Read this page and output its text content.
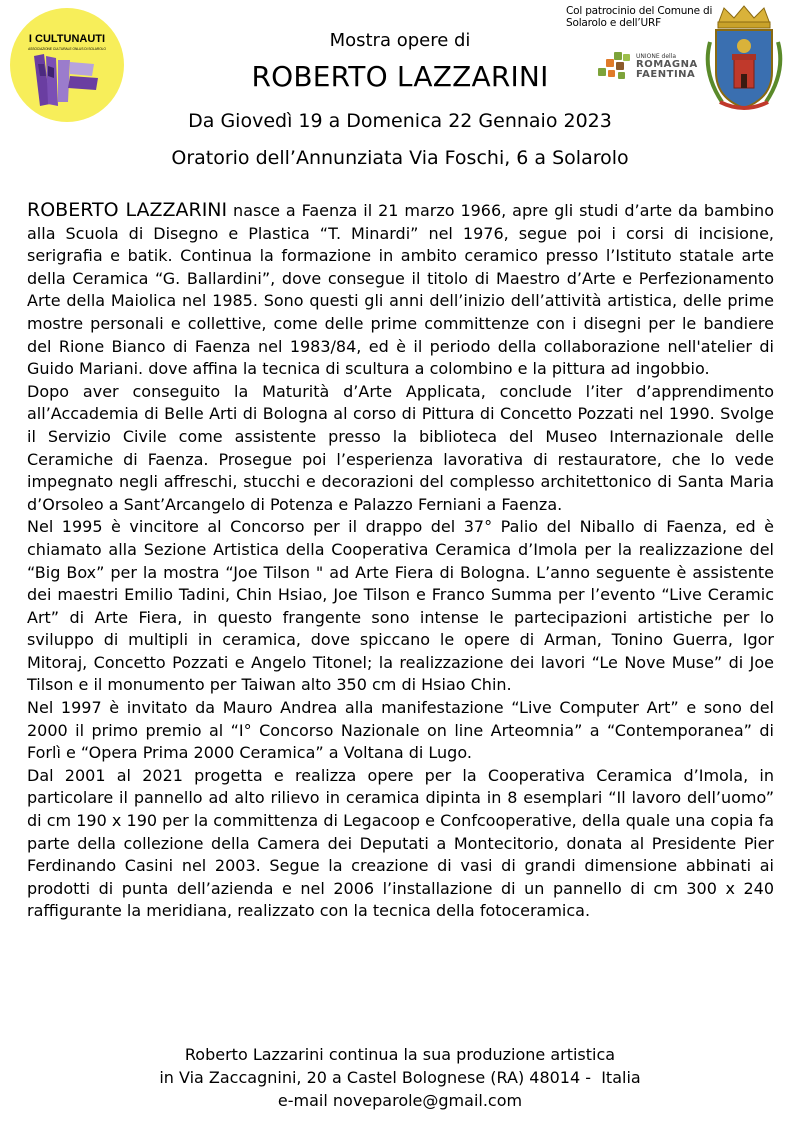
I CULTUNAUTI
ASSOCIAZIONE CULTURALE ONLUS DI SOLAROLO	Mostra opere di
ROBERTO LAZZARINI
Da Giovedì 19 a Domenica 22 Gennaio 2023
Oratorio dell’Annunziata Via Foschi, 6 a Solarolo
Col patrocinio del Comune di
Solarolo e dell’URF
UNIONE della
ROMAGNA
FAENTINA

ROBERTO LAZZARINI nasce a Faenza il 21 marzo 1966, apre gli studi d’arte da bambino alla Scuola di Disegno e Plastica “T. Minardi” nel 1976, segue poi i corsi di incisione, serigrafia e batik. Continua la formazione in ambito ceramico presso l’Istituto statale arte della Ceramica “G. Ballardini”, dove consegue il titolo di Maestro d’Arte e Perfezionamento Arte della Maiolica nel 1985. Sono questi gli anni dell’inizio dell’attività artistica, delle prime mostre personali e collettive, come delle prime committenze con i disegni per le bandiere del Rione Bianco di Faenza nel 1983/84, ed è il periodo della collaborazione nell'atelier di Guido Mariani. dove affina la tecnica di scultura a colombino e la pittura ad ingobbio.

Dopo aver conseguito la Maturità d’Arte Applicata, conclude l’iter d’apprendimento all’Accademia di Belle Arti di Bologna al corso di Pittura di Concetto Pozzati nel 1990. Svolge il Servizio Civile come assistente presso la biblioteca del Museo Internazionale delle Ceramiche di Faenza. Prosegue poi l’esperienza lavorativa di restauratore, che lo vede impegnato negli affreschi, stucchi e decorazioni del complesso architettonico di Santa Maria d’Orsoleo a Sant’Arcangelo di Potenza e Palazzo Ferniani a Faenza.

Nel 1995 è vincitore al Concorso per il drappo del 37° Palio del Niballo di Faenza, ed è chiamato alla Sezione Artistica della Cooperativa Ceramica d’Imola per la realizzazione del “Big Box” per la mostra “Joe Tilson " ad Arte Fiera di Bologna. L’anno seguente è assistente dei maestri Emilio Tadini, Chin Hsiao, Joe Tilson e Franco Summa per l’evento “Live Ceramic Art” di Arte Fiera, in questo frangente sono intense le partecipazioni artistiche per lo sviluppo di multipli in ceramica, dove spiccano le opere di Arman, Tonino Guerra, Igor Mitoraj, Concetto Pozzati e Angelo Titonel; la realizzazione dei lavori “Le Nove Muse” di Joe Tilson e il monumento per Taiwan alto 350 cm di Hsiao Chin.

Nel 1997 è invitato da Mauro Andrea alla manifestazione “Live Computer Art” e sono del 2000 il primo premio al “I° Concorso Nazionale on line Arteomnia” a “Contemporanea” di Forlì e “Opera Prima 2000 Ceramica” a Voltana di Lugo.

Dal 2001 al 2021 progetta e realizza opere per la Cooperativa Ceramica d’Imola, in particolare il pannello ad alto rilievo in ceramica dipinta in 8 esemplari “Il lavoro dell’uomo” di cm 190 x 190 per la committenza di Legacoop e Confcooperative, della quale una copia fa parte della collezione della Camera dei Deputati a Montecitorio, donata al Presidente Pier Ferdinando Casini nel 2003. Segue la creazione di vasi di grandi dimensione abbinati ai prodotti di punta dell’azienda e nel 2006 l’installazione di un pannello di cm 300 x 240 raffigurante la meridiana, realizzato con la tecnica della fotoceramica.

Roberto Lazzarini continua la sua produzione artistica
in Via Zaccagnini, 20 a Castel Bolognese (RA) 48014 -  Italia
e-mail noveparole@gmail.com
